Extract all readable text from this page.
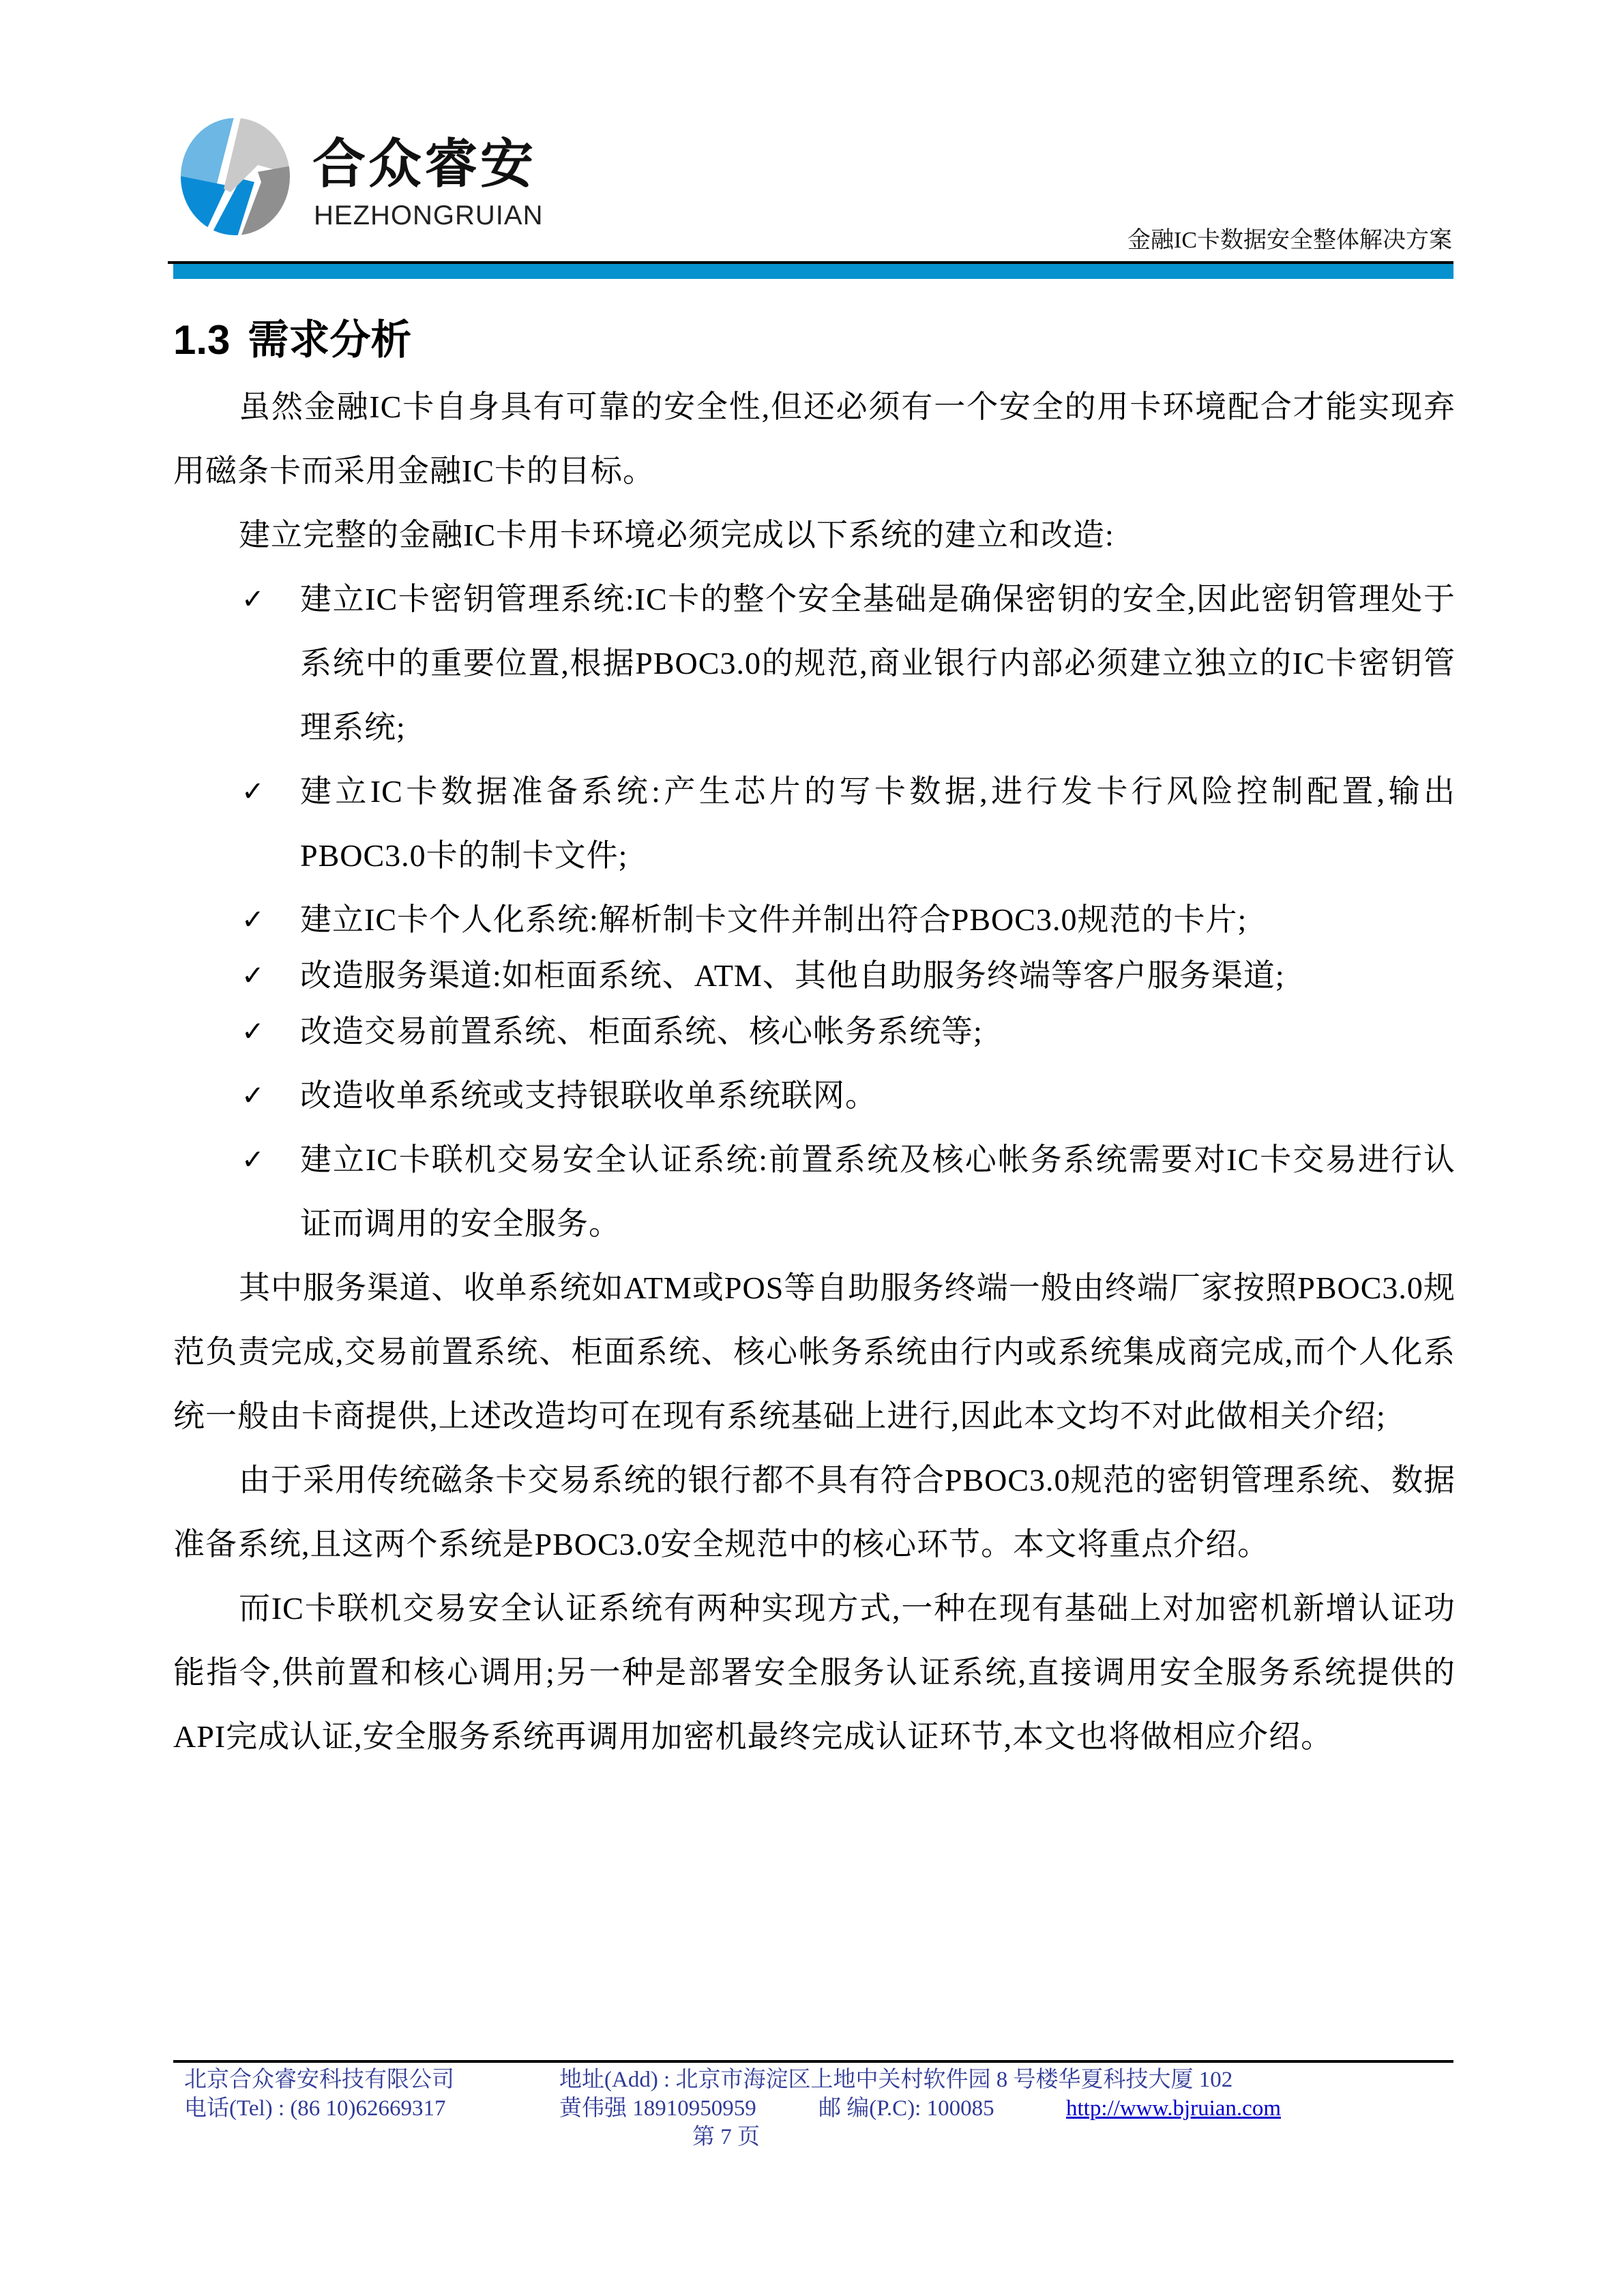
合众睿安
HEZHONGRUIAN
金融IC卡数据安全整体解决方案
1.3 需求分析

虽然金融IC卡自身具有可靠的安全性,但还必须有一个安全的用卡环境配合才能实现弃用磁条卡而采用金融IC卡的目标。

建立完整的金融IC卡用卡环境必须完成以下系统的建立和改造:

✓ 建立IC卡密钥管理系统:IC卡的整个安全基础是确保密钥的安全,因此密钥管理处于系统中的重要位置,根据PBOC3.0的规范,商业银行内部必须建立独立的IC卡密钥管理系统;
✓ 建立IC卡数据准备系统:产生芯片的写卡数据,进行发卡行风险控制配置,输出PBOC3.0卡的制卡文件;
✓ 建立IC卡个人化系统:解析制卡文件并制出符合PBOC3.0规范的卡片;
✓ 改造服务渠道:如柜面系统、ATM、其他自助服务终端等客户服务渠道;
✓ 改造交易前置系统、柜面系统、核心帐务系统等;
✓ 改造收单系统或支持银联收单系统联网。
✓ 建立IC卡联机交易安全认证系统:前置系统及核心帐务系统需要对IC卡交易进行认证而调用的安全服务。

其中服务渠道、收单系统如ATM或POS等自助服务终端一般由终端厂家按照PBOC3.0规范负责完成,交易前置系统、柜面系统、核心帐务系统由行内或系统集成商完成,而个人化系统一般由卡商提供,上述改造均可在现有系统基础上进行,因此本文均不对此做相关介绍;

由于采用传统磁条卡交易系统的银行都不具有符合PBOC3.0规范的密钥管理系统、数据准备系统,且这两个系统是PBOC3.0安全规范中的核心环节。本文将重点介绍。

而IC卡联机交易安全认证系统有两种实现方式,一种在现有基础上对加密机新增认证功能指令,供前置和核心调用;另一种是部署安全服务认证系统,直接调用安全服务系统提供的API完成认证,安全服务系统再调用加密机最终完成认证环节,本文也将做相应介绍。

北京合众睿安科技有限公司	地址(Add) : 北京市海淀区上地中关村软件园 8 号楼华夏科技大厦 102
电话(Tel) : (86 10)62669317	黄伟强 18910950959	邮 编(P.C): 100085	http://www.bjruian.com
第 7 页
